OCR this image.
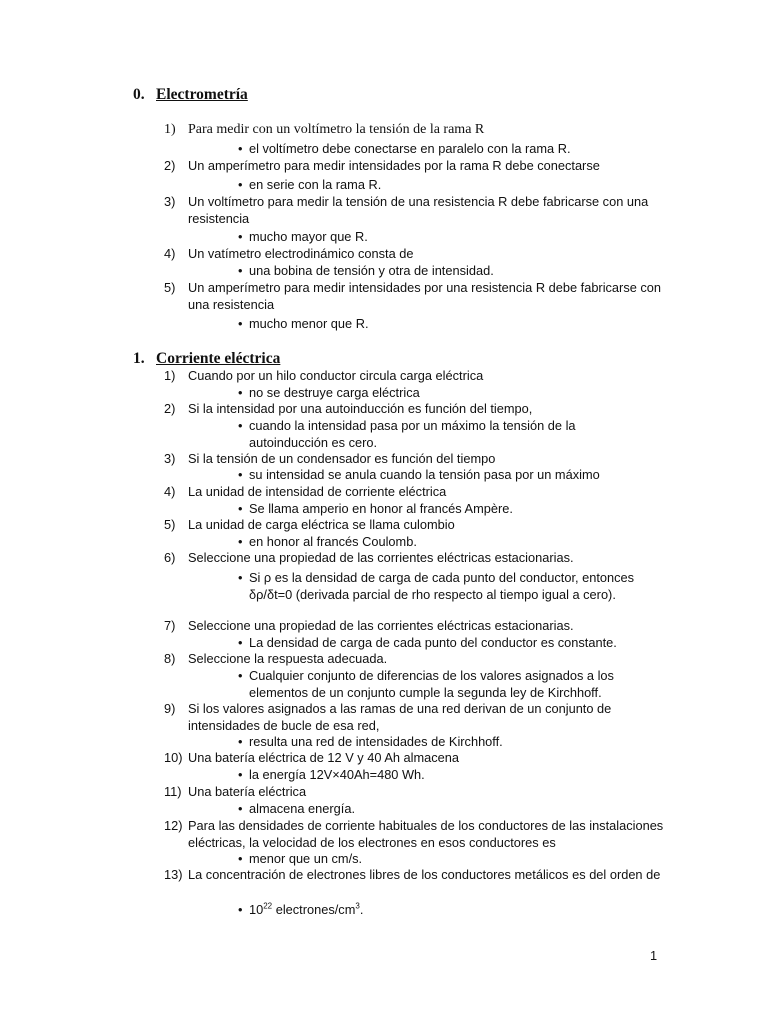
0. Electrometría
1) Para medir con un voltímetro la tensión de la rama R
• el voltímetro debe conectarse en paralelo con la rama R.
2) Un amperímetro para medir intensidades por la rama R debe conectarse
• en serie con la rama R.
3) Un voltímetro para medir la tensión de una resistencia R debe fabricarse con una resistencia
• mucho mayor que R.
4) Un vatímetro electrodinámico consta de
• una bobina de tensión y otra de intensidad.
5) Un amperímetro para medir intensidades por una resistencia R debe fabricarse con una resistencia
• mucho menor que R.
1. Corriente eléctrica
1) Cuando por un hilo conductor circula carga eléctrica
• no se destruye carga eléctrica
2) Si la intensidad por una autoinducción es función del tiempo,
• cuando la intensidad pasa por un máximo la tensión de la autoinducción es cero.
3) Si la tensión de un condensador es función del tiempo
• su intensidad se anula cuando la tensión pasa por un máximo
4) La unidad de intensidad de corriente eléctrica
• Se llama amperio en honor al francés Ampère.
5) La unidad de carga eléctrica se llama culombio
• en honor al francés Coulomb.
6) Seleccione una propiedad de las corrientes eléctricas estacionarias.
• Si ρ es la densidad de carga de cada punto del conductor, entonces δρ/δt=0 (derivada parcial de rho respecto al tiempo igual a cero).
7) Seleccione una propiedad de las corrientes eléctricas estacionarias.
• La densidad de carga de cada punto del conductor es constante.
8) Seleccione la respuesta adecuada.
• Cualquier conjunto de diferencias de los valores asignados a los elementos de un conjunto cumple la segunda ley de Kirchhoff.
9) Si los valores asignados a las ramas de una red derivan de un conjunto de intensidades de bucle de esa red,
• resulta una red de intensidades de Kirchhoff.
10) Una batería eléctrica de 12 V y 40 Ah almacena
• la energía 12V×40Ah=480 Wh.
11) Una batería eléctrica
• almacena energía.
12) Para las densidades de corriente habituales de los conductores de las instalaciones eléctricas, la velocidad de los electrones en esos conductores es
• menor que un cm/s.
13) La concentración de electrones libres de los conductores metálicos es del orden de
• $10^{22}$ electrones/$cm^3$.
1
